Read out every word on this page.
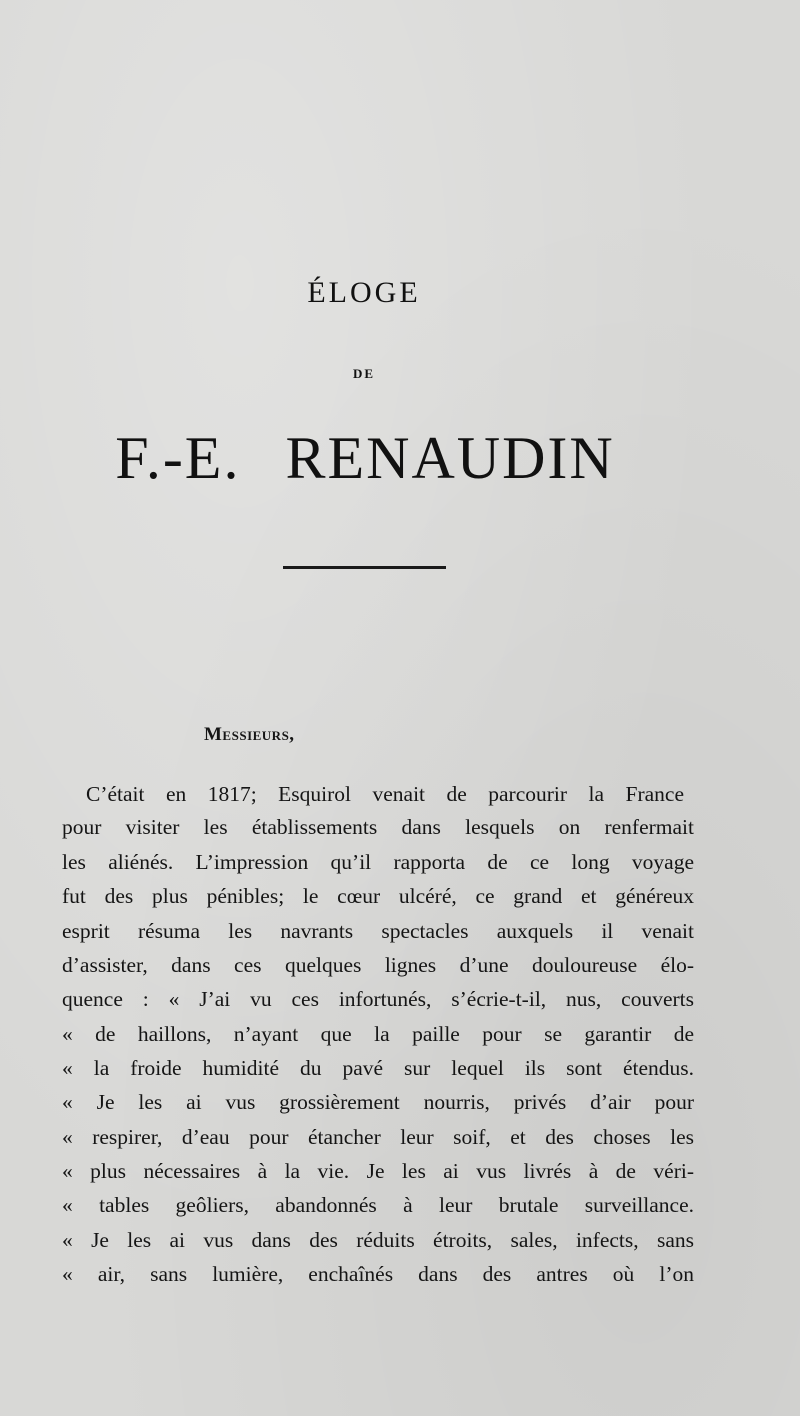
ÉLOGE
DE
F.-E. RENAUDIN
Messieurs,
C’était en 1817; Esquirol venait de parcourir la France
pour visiter les établissements dans lesquels on renfermait
les aliénés. L’impression qu’il rapporta de ce long voyage
fut des plus pénibles; le cœur ulcéré, ce grand et généreux
esprit résuma les navrants spectacles auxquels il venait
d’assister, dans ces quelques lignes d’une douloureuse élo-
quence : « J’ai vu ces infortunés, s’écrie-t-il, nus, couverts
« de haillons, n’ayant que la paille pour se garantir de
« la froide humidité du pavé sur lequel ils sont étendus.
« Je les ai vus grossièrement nourris, privés d’air pour
« respirer, d’eau pour étancher leur soif, et des choses les
« plus nécessaires à la vie. Je les ai vus livrés à de véri-
« tables geôliers, abandonnés à leur brutale surveillance.
« Je les ai vus dans des réduits étroits, sales, infects, sans
« air, sans lumière, enchaînés dans des antres où l’on
